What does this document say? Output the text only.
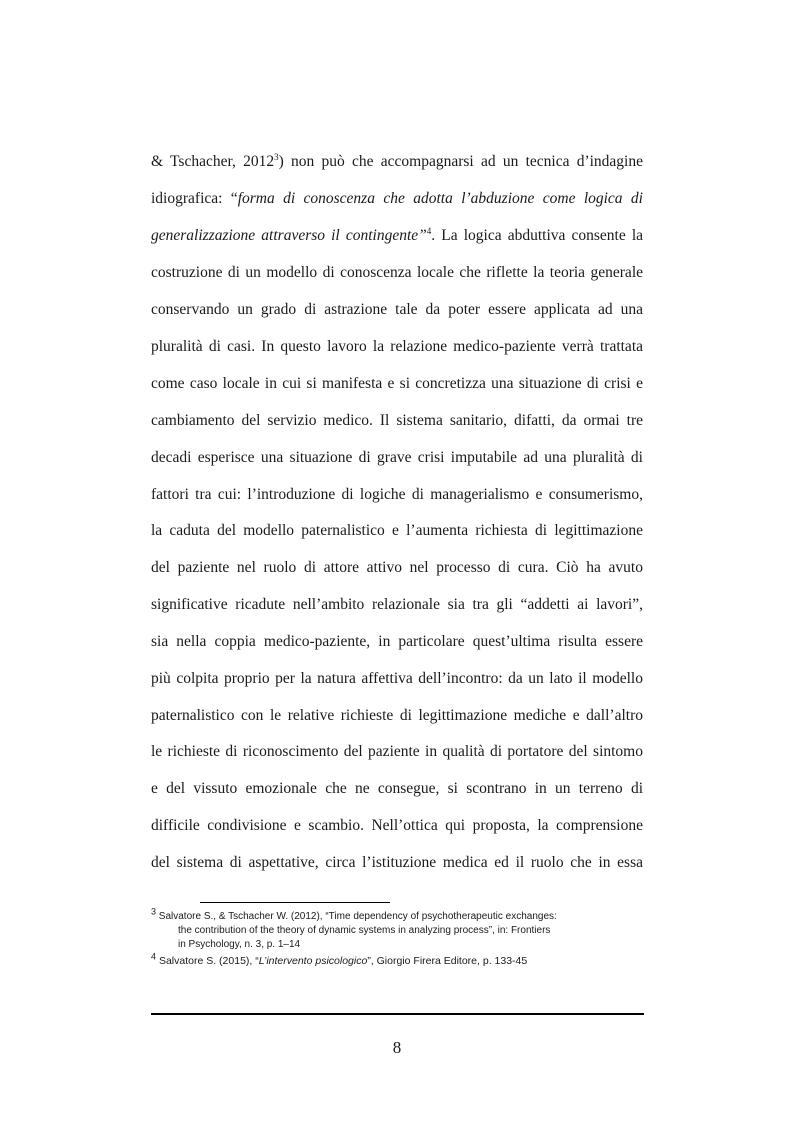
& Tschacher, 2012$^3$) non può che accompagnarsi ad un tecnica d’indagine
idiografica: “forma di conoscenza che adotta l’abduzione come logica di
generalizzazione attraverso il contingente”$^4$. La logica abduttiva consente la
costruzione di un modello di conoscenza locale che riflette la teoria generale
conservando un grado di astrazione tale da poter essere applicata ad una
pluralità di casi. In questo lavoro la relazione medico-paziente verrà trattata
come caso locale in cui si manifesta e si concretizza una situazione di crisi e
cambiamento del servizio medico. Il sistema sanitario, difatti, da ormai tre
decadi esperisce una situazione di grave crisi imputabile ad una pluralità di
fattori tra cui: l’introduzione di logiche di managerialismo e consumerismo,
la caduta del modello paternalistico e l’aumenta richiesta di legittimazione
del paziente nel ruolo di attore attivo nel processo di cura. Ciò ha avuto
significative ricadute nell’ambito relazionale sia tra gli “addetti ai lavori”,
sia nella coppia medico-paziente, in particolare quest’ultima risulta essere
più colpita proprio per la natura affettiva dell’incontro: da un lato il modello
paternalistico con le relative richieste di legittimazione mediche e dall’altro
le richieste di riconoscimento del paziente in qualità di portatore del sintomo
e del vissuto emozionale che ne consegue, si scontrano in un terreno di
difficile condivisione e scambio. Nell’ottica qui proposta, la comprensione
del sistema di aspettative, circa l’istituzione medica ed il ruolo che in essa
$^3$ Salvatore S., & Tschacher W. (2012), “Time dependency of psychotherapeutic exchanges:
the contribution of the theory of dynamic systems in analyzing process”, in: Frontiers
in Psychology, n. 3, p. 1–14
$^4$ Salvatore S. (2015), “L’intervento psicologico”, Giorgio Firera Editore, p. 133-45
8
